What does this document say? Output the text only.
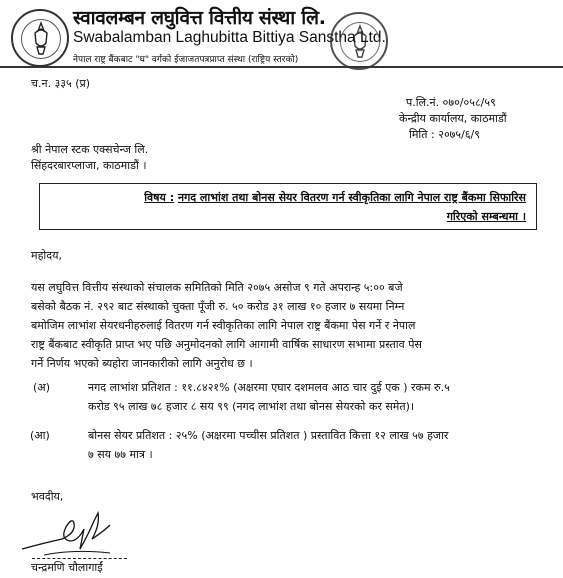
स्वावलम्बन लघुवित्त वित्तीय संस्था लि.
Swabalamban Laghubitta Bittiya Sanstha Ltd.
नेपाल राष्ट्र बैंकबाट "घ" वर्गको ईजाजतपत्रप्राप्त संस्था (राष्ट्रिय स्तरको)
च.न. ३३५ (प्र)
प.लि.नं. ०७०/०५८/५९
केन्द्रीय कार्यालय, काठमाडौं
मिति : २०७५/६/९
श्री नेपाल स्टक एक्सचेन्ज लि.
सिंहदरबारप्लाजा, काठमाडौं ।
विषय : नगद लाभांश तथा बोनस सेयर वितरण गर्न स्वीकृतिका लागि नेपाल राष्ट्र बैंकमा सिफारिस
गरिएको सम्बन्धमा ।
महोदय,
यस लघुवित्त वित्तीय संस्थाको संचालक समितिको मिति २०७५ असोज ९ गते अपरान्ह ५:०० बजे
बसेको बैठक नं. २९२ बाट संस्थाको चुक्ता पूँजी रु. ५० करोड ३१ लाख १० हजार ७ सयमा निम्न
बमोजिम लाभांश सेयरधनीहरुलाई वितरण गर्न स्वीकृतिका लागि नेपाल राष्ट्र बैंकमा पेस गर्ने र नेपाल
राष्ट्र बैंकबाट स्वीकृति प्राप्त भए पछि अनुमोदनको लागि आगामी वार्षिक साधारण सभामा प्रस्ताव पेस
गर्ने निर्णय भएको ब्यहोरा जानकारीको लागि अनुरोध छ ।
(अ)	नगद लाभांश प्रतिशत : ११.८४२१% (अक्षरमा एघार दशमलव आठ चार दुई एक ) रकम रु.५
करोड ९५ लाख ७८ हजार ८ सय ९९ (नगद लाभांश तथा बोनस सेयरको कर समेत)।
(आ)	बोनस सेयर प्रतिशत : २५% (अक्षरमा पच्चीस प्रतिशत ) प्रस्तावित कित्ता १२ लाख ५७ हजार
७ सय ७७ मात्र ।
भवदीय,
चन्द्रमणि चौलागाईं
